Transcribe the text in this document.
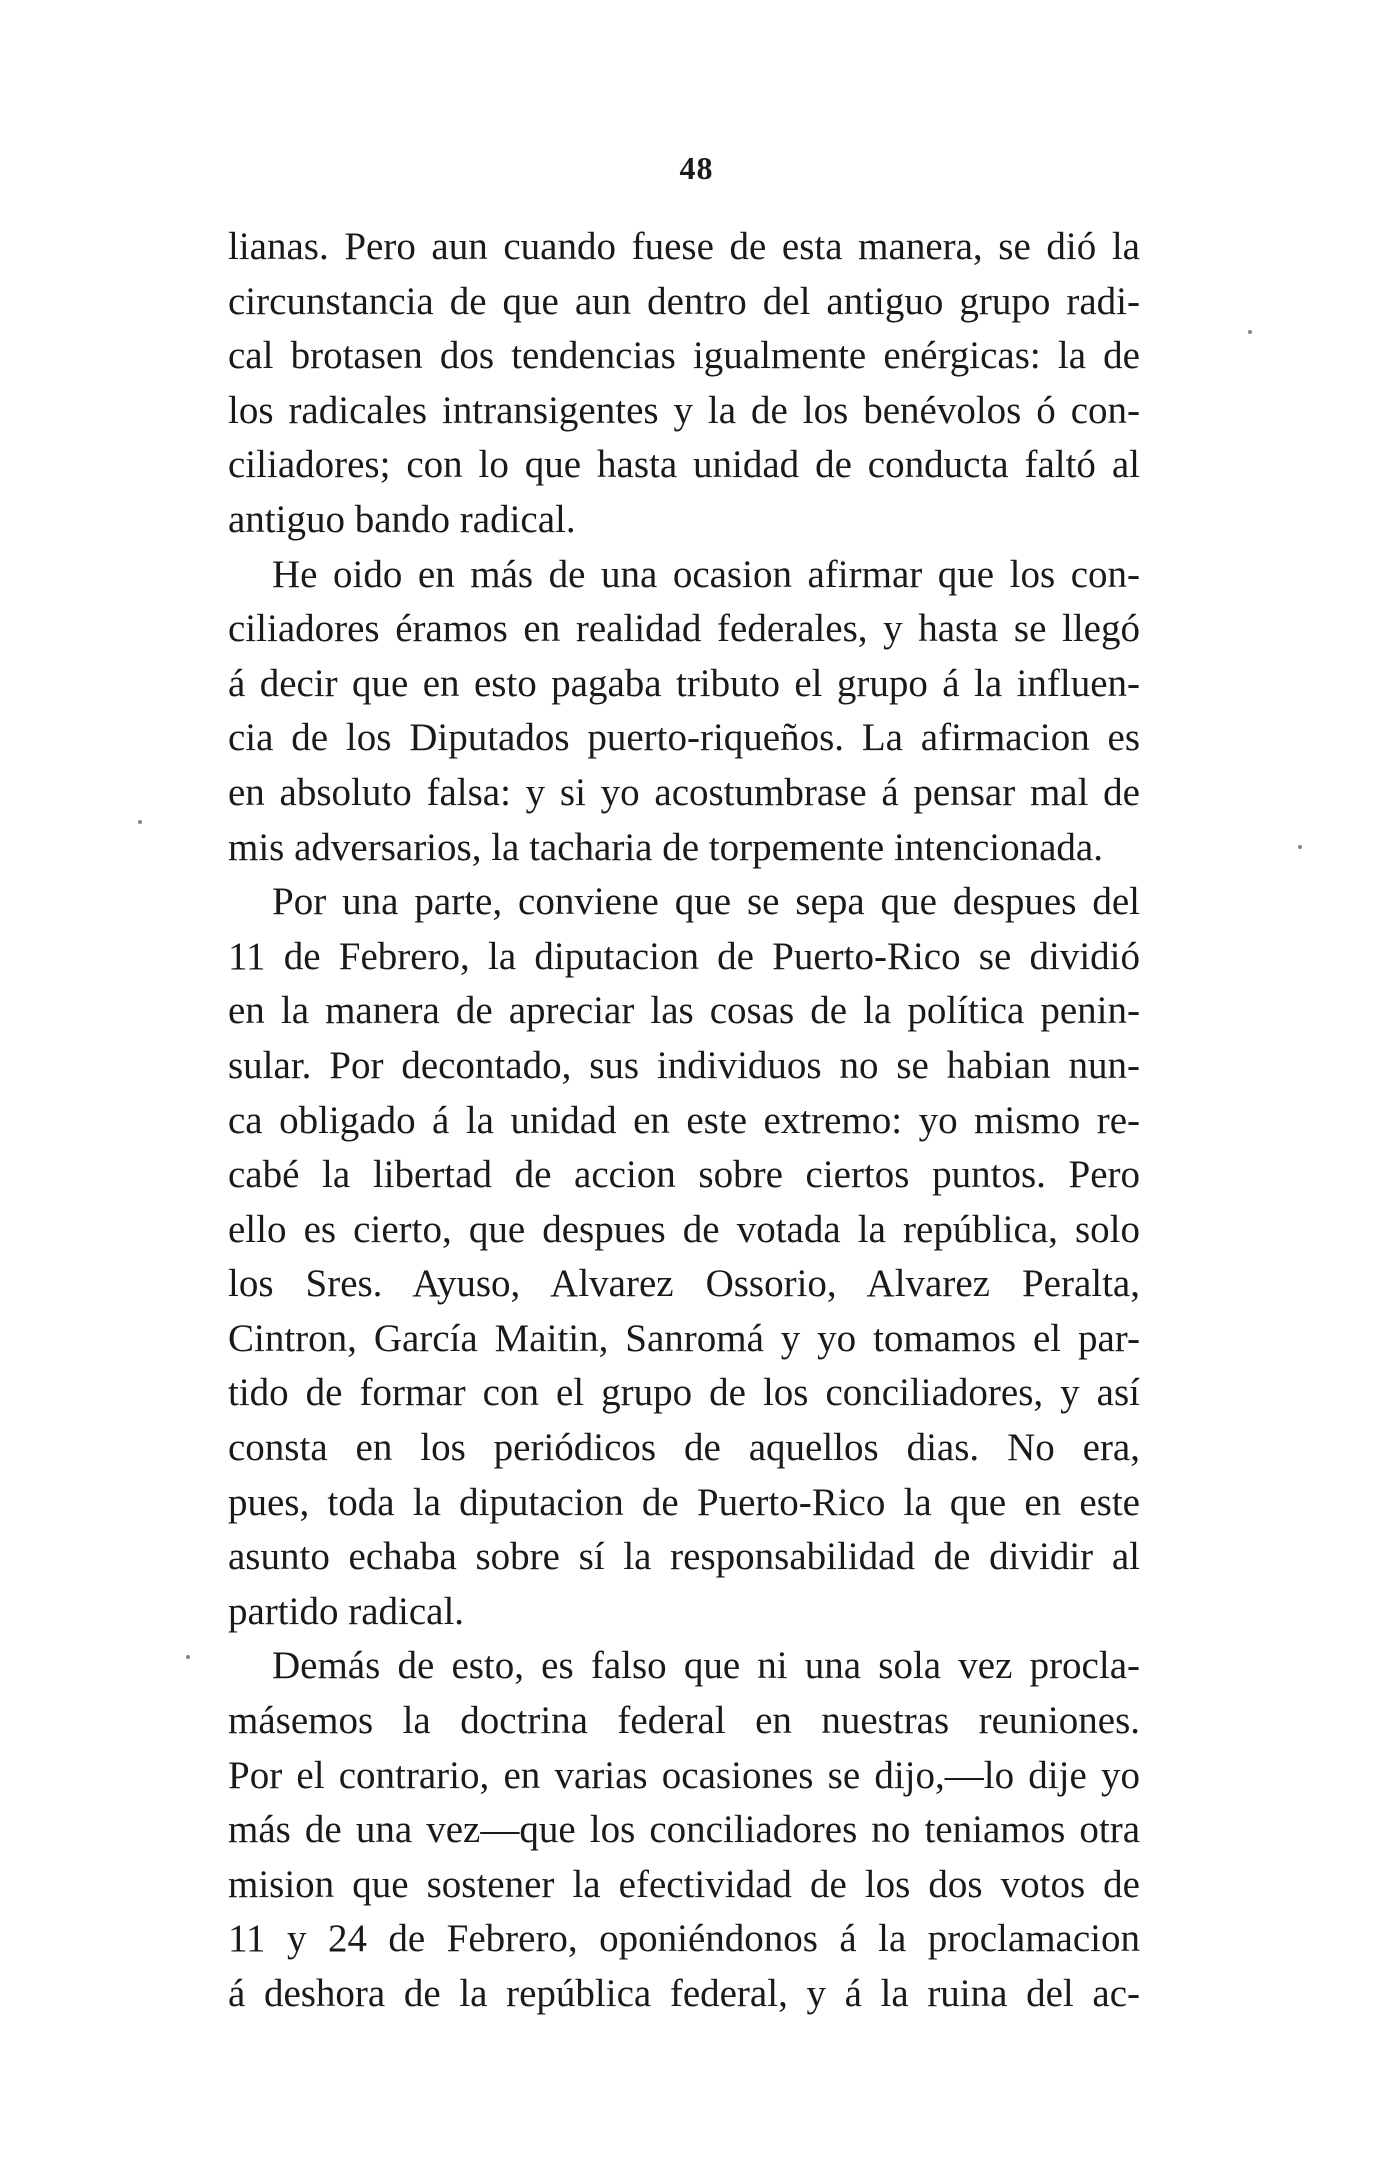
48
lianas. Pero aun cuando fuese de esta manera, se dió la
circunstancia de que aun dentro del antiguo grupo radi-
cal brotasen dos tendencias igualmente enérgicas: la de
los radicales intransigentes y la de los benévolos ó con-
ciliadores; con lo que hasta unidad de conducta faltó al
antiguo bando radical.
He oido en más de una ocasion afirmar que los con-
ciliadores éramos en realidad federales, y hasta se llegó
á decir que en esto pagaba tributo el grupo á la influen-
cia de los Diputados puerto-riqueños. La afirmacion es
en absoluto falsa: y si yo acostumbrase á pensar mal de
mis adversarios, la tacharia de torpemente intencionada.
Por una parte, conviene que se sepa que despues del
11 de Febrero, la diputacion de Puerto-Rico se dividió
en la manera de apreciar las cosas de la política penin-
sular. Por decontado, sus individuos no se habian nun-
ca obligado á la unidad en este extremo: yo mismo re-
cabé la libertad de accion sobre ciertos puntos. Pero
ello es cierto, que despues de votada la república, solo
los Sres. Ayuso, Alvarez Ossorio, Alvarez Peralta,
Cintron, García Maitin, Sanromá y yo tomamos el par-
tido de formar con el grupo de los conciliadores, y así
consta en los periódicos de aquellos dias. No era,
pues, toda la diputacion de Puerto-Rico la que en este
asunto echaba sobre sí la responsabilidad de dividir al
partido radical.
Demás de esto, es falso que ni una sola vez procla-
másemos la doctrina federal en nuestras reuniones.
Por el contrario, en varias ocasiones se dijo,—lo dije yo
más de una vez—que los conciliadores no teniamos otra
mision que sostener la efectividad de los dos votos de
11 y 24 de Febrero, oponiéndonos á la proclamacion
á deshora de la república federal, y á la ruina del ac-
